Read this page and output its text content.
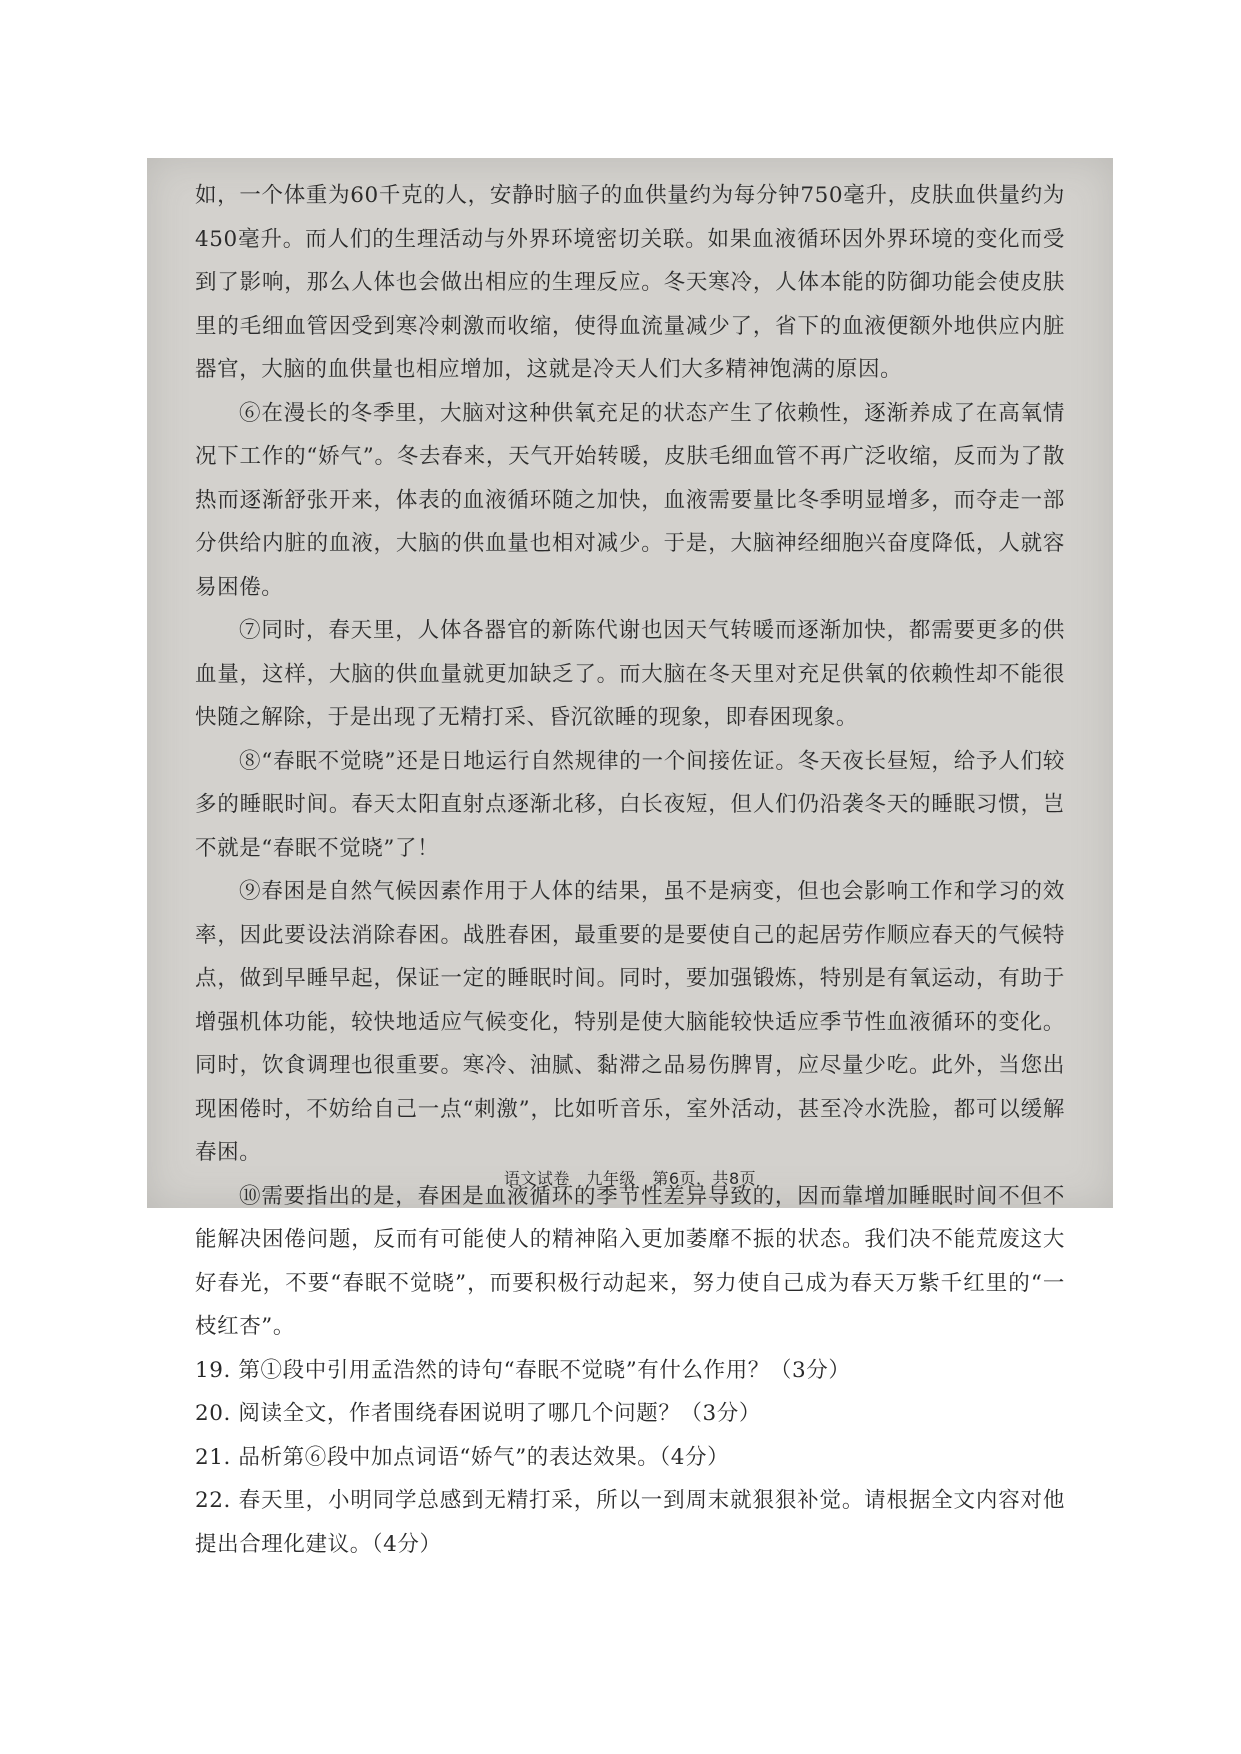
如，一个体重为60千克的人，安静时脑子的血供量约为每分钟750毫升，皮肤血供量约为450毫升。而人们的生理活动与外界环境密切关联。如果血液循环因外界环境的变化而受到了影响，那么人体也会做出相应的生理反应。冬天寒冷，人体本能的防御功能会使皮肤里的毛细血管因受到寒冷刺激而收缩，使得血流量减少了，省下的血液便额外地供应内脏器官，大脑的血供量也相应增加，这就是冷天人们大多精神饱满的原因。

⑥在漫长的冬季里，大脑对这种供氧充足的状态产生了依赖性，逐渐养成了在高氧情况下工作的“娇气”。冬去春来，天气开始转暖，皮肤毛细血管不再广泛收缩，反而为了散热而逐渐舒张开来，体表的血液循环随之加快，血液需要量比冬季明显增多，而夺走一部分供给内脏的血液，大脑的供血量也相对减少。于是，大脑神经细胞兴奋度降低，人就容易困倦。

⑦同时，春天里，人体各器官的新陈代谢也因天气转暖而逐渐加快，都需要更多的供血量，这样，大脑的供血量就更加缺乏了。而大脑在冬天里对充足供氧的依赖性却不能很快随之解除，于是出现了无精打采、昏沉欲睡的现象，即春困现象。

⑧“春眠不觉晓”还是日地运行自然规律的一个间接佐证。冬天夜长昼短，给予人们较多的睡眠时间。春天太阳直射点逐渐北移，白长夜短，但人们仍沿袭冬天的睡眠习惯，岂不就是“春眠不觉晓”了！

⑨春困是自然气候因素作用于人体的结果，虽不是病变，但也会影响工作和学习的效率，因此要设法消除春困。战胜春困，最重要的是要使自己的起居劳作顺应春天的气候特点，做到早睡早起，保证一定的睡眠时间。同时，要加强锻炼，特别是有氧运动，有助于增强机体功能，较快地适应气候变化，特别是使大脑能较快适应季节性血液循环的变化。同时，饮食调理也很重要。寒冷、油腻、黏滞之品易伤脾胃，应尽量少吃。此外，当您出现困倦时，不妨给自己一点“刺激”，比如听音乐，室外活动，甚至冷水洗脸，都可以缓解春困。

⑩需要指出的是，春困是血液循环的季节性差异导致的，因而靠增加睡眠时间不但不能解决困倦问题，反而有可能使人的精神陷入更加萎靡不振的状态。我们决不能荒废这大好春光，不要“春眠不觉晓”，而要积极行动起来，努力使自己成为春天万紫千红里的“一枝红杏”。

19. 第①段中引用孟浩然的诗句“春眠不觉晓”有什么作用？（3分）

20. 阅读全文，作者围绕春困说明了哪几个问题？（3分）

21. 品析第⑥段中加点词语“娇气”的表达效果。（4分）

22. 春天里，小明同学总感到无精打采，所以一到周末就狠狠补觉。请根据全文内容对他提出合理化建议。（4分）

语文试卷　九年级　第6页，共8页
